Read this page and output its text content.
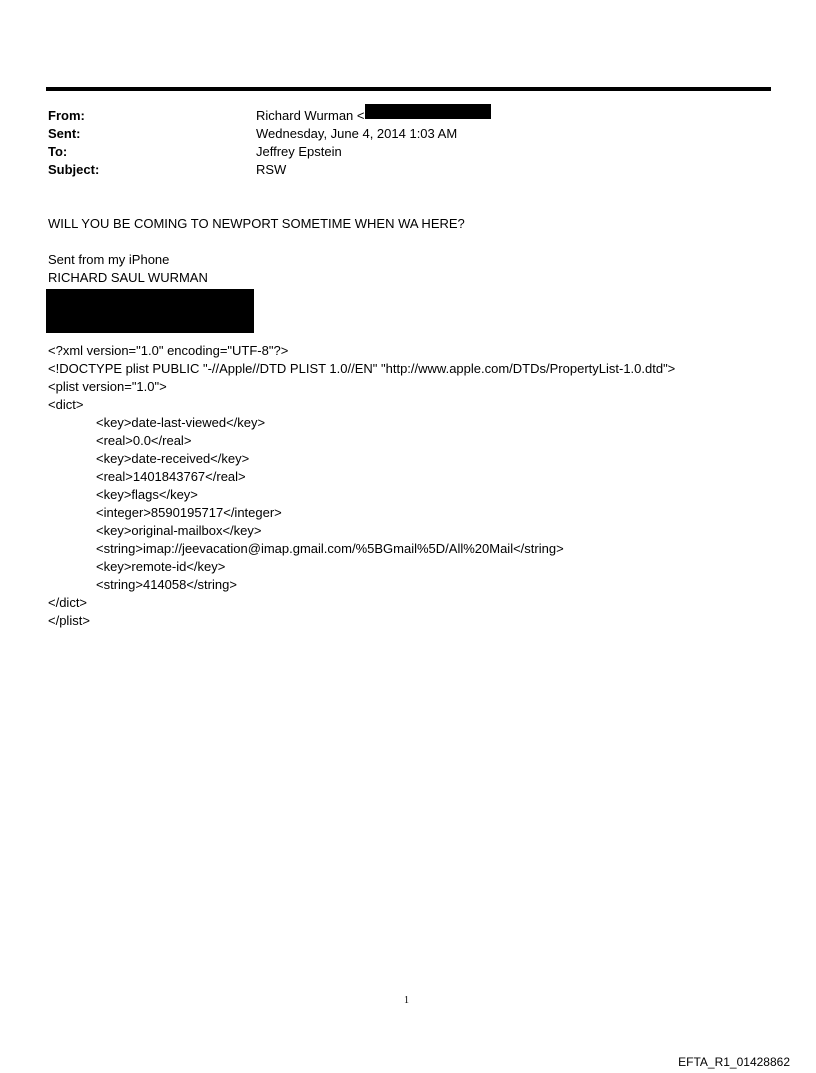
From:	Richard Wurman <
Sent:	Wednesday, June 4, 2014 1:03 AM
To:	Jeffrey Epstein
Subject:	RSW
WILL YOU BE COMING TO NEWPORT SOMETIME WHEN WA HERE?
Sent from my iPhone
RICHARD SAUL WURMAN
<?xml version="1.0" encoding="UTF-8"?>
<!DOCTYPE plist PUBLIC "-//Apple//DTD PLIST 1.0//EN" "http://www.apple.com/DTDs/PropertyList-1.0.dtd">
<plist version="1.0">
<dict>
<key>date-last-viewed</key>
<real>0.0</real>
<key>date-received</key>
<real>1401843767</real>
<key>flags</key>
<integer>8590195717</integer>
<key>original-mailbox</key>
<string>imap://jeevacation@imap.gmail.com/%5BGmail%5D/All%20Mail</string>
<key>remote-id</key>
<string>414058</string>
</dict>
</plist>
1
EFTA_R1_01428862
